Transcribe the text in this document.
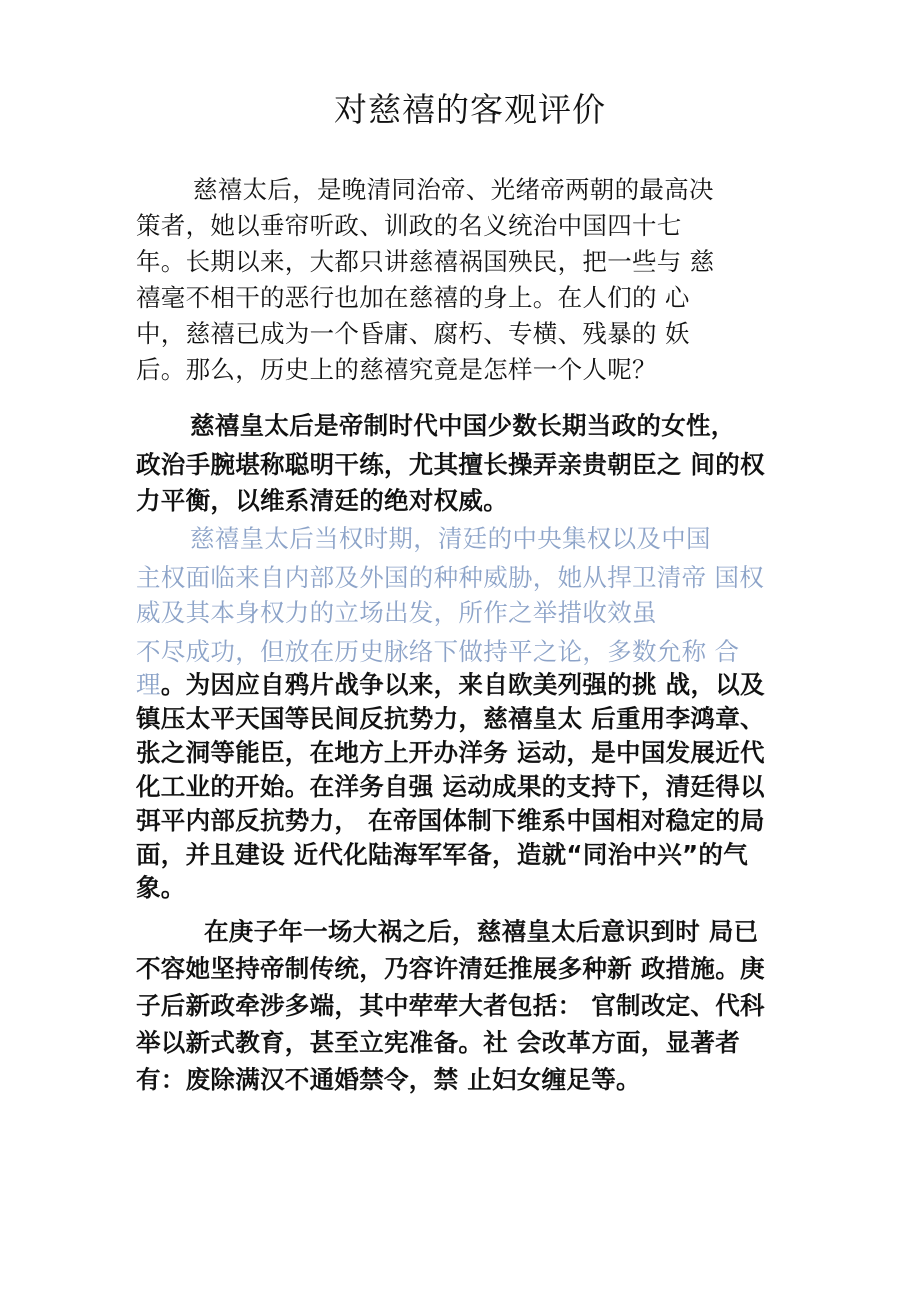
对慈禧的客观评价
慈禧太后，是晚清同治帝、光绪帝两朝的最高决
策者，她以垂帘听政、训政的名义统治中国四十七
年。长期以来，大都只讲慈禧祸国殃民，把一些与 慈
禧毫不相干的恶行也加在慈禧的身上。在人们的 心
中，慈禧已成为一个昏庸、腐朽、专横、残暴的 妖
后。那么，历史上的慈禧究竟是怎样一个人呢？
慈禧皇太后是帝制时代中国少数长期当政的女性，
政治手腕堪称聪明干练，尤其擅长操弄亲贵朝臣之 间的权
力平衡，以维系清廷的绝对权威。
慈禧皇太后当权时期，清廷的中央集权以及中国
主权面临来自内部及外国的种种威胁，她从捍卫清帝 国权
威及其本身权力的立场出发，所作之举措收效虽
不尽成功，但放在历史脉络下做持平之论，多数允称 合
理。为因应自鸦片战争以来，来自欧美列强的挑 战，以及
镇压太平天国等民间反抗势力，慈禧皇太 后重用李鸿章、
张之洞等能臣，在地方上开办洋务 运动，是中国发展近代
化工业的开始。在洋务自强 运动成果的支持下，清廷得以
弭平内部反抗势力， 在帝国体制下维系中国相对稳定的局
面，并且建设 近代化陆海军军备，造就“同治中兴”的气
象。
在庚子年一场大祸之后，慈禧皇太后意识到时 局已
不容她坚持帝制传统，乃容许清廷推展多种新 政措施。庚
子后新政牵涉多端，其中荦荦大者包括： 官制改定、代科
举以新式教育，甚至立宪准备。社 会改革方面，显著者
有：废除满汉不通婚禁令，禁 止妇女缠足等。
